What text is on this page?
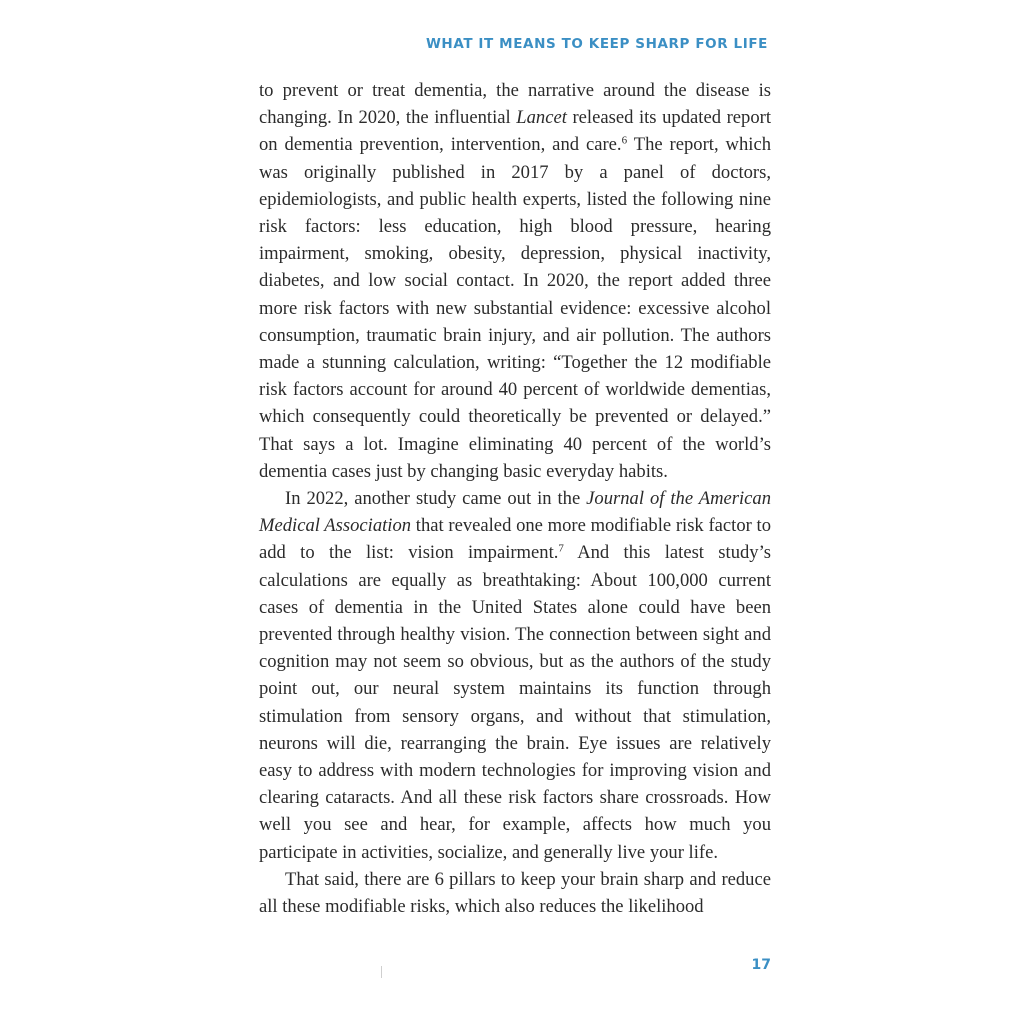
WHAT IT MEANS TO KEEP SHARP FOR LIFE

to prevent or treat dementia, the narrative around the disease is changing. In 2020, the influential Lancet released its updated report on dementia prevention, intervention, and care.$^6$ The report, which was originally published in 2017 by a panel of doctors, epidemiologists, and public health experts, listed the following nine risk factors: less education, high blood pressure, hearing impairment, smoking, obesity, depression, physical inactivity, diabetes, and low social contact. In 2020, the report added three more risk factors with new substantial evidence: excessive alcohol consumption, traumatic brain injury, and air pollution. The authors made a stunning calculation, writing: “Together the 12 modifiable risk factors account for around 40 percent of worldwide dementias, which consequently could theoretically be prevented or delayed.” That says a lot. Imagine eliminating 40 percent of the world’s dementia cases just by changing basic everyday habits.

In 2022, another study came out in the Journal of the American Medical Association that revealed one more modifiable risk factor to add to the list: vision impairment.$^7$ And this latest study’s calculations are equally as breathtaking: About 100,000 current cases of dementia in the United States alone could have been prevented through healthy vision. The connection between sight and cognition may not seem so obvious, but as the authors of the study point out, our neural system maintains its function through stimulation from sensory organs, and without that stimulation, neurons will die, rearranging the brain. Eye issues are relatively easy to address with modern technologies for improving vision and clearing cataracts. And all these risk factors share crossroads. How well you see and hear, for example, affects how much you participate in activities, socialize, and generally live your life.

That said, there are 6 pillars to keep your brain sharp and reduce all these modifiable risks, which also reduces the likelihood

17
